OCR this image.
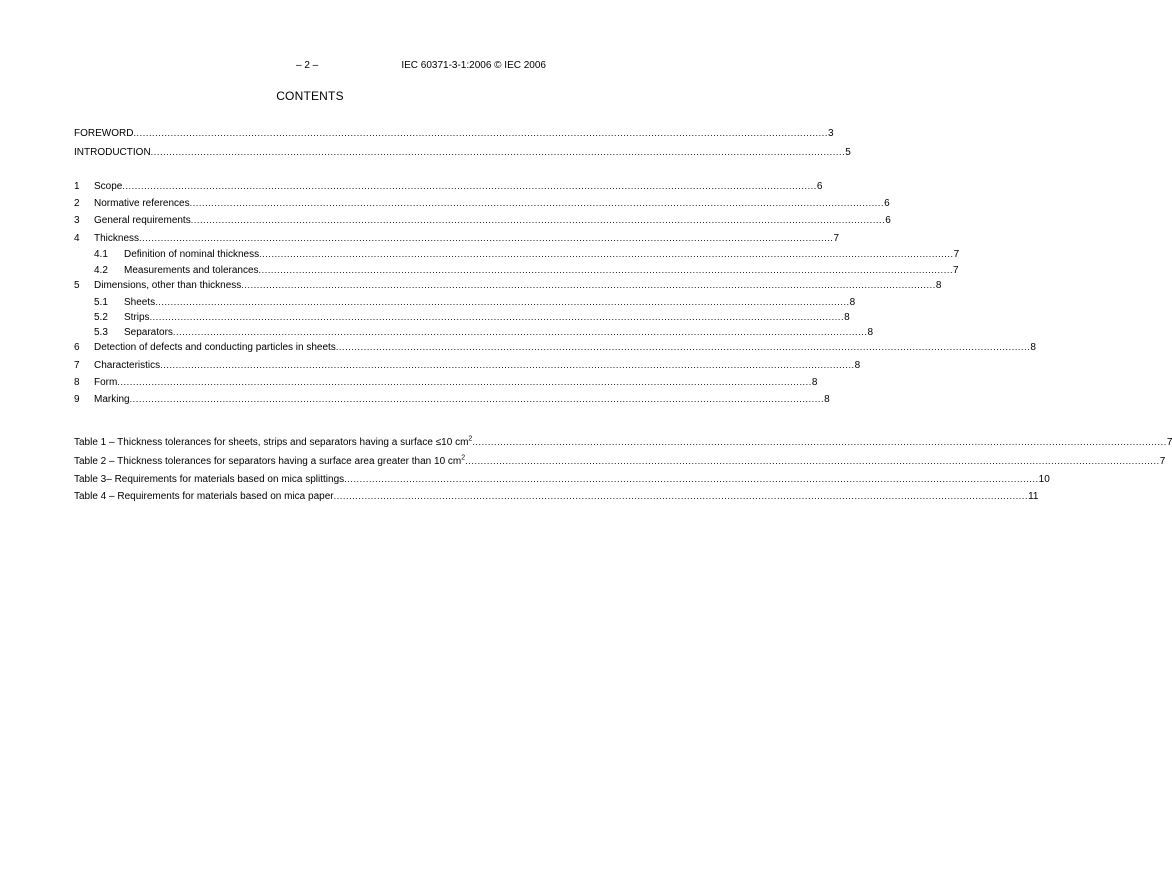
– 2 –	IEC 60371-3-1:2006 © IEC 2006
CONTENTS
FOREWORD ................................................................................................................................................................................................................................ 3
INTRODUCTION ................................................................................................................................................................................................................................ 5
1	Scope ................................................................................................................................................................................................................................ 6
2	Normative references ................................................................................................................................................................................................................................ 6
3	General requirements ................................................................................................................................................................................................................................ 6
4	Thickness ................................................................................................................................................................................................................................ 7
4.1	Definition of nominal thickness ................................................................................................................................................................................................................................ 7
4.2	Measurements and tolerances ................................................................................................................................................................................................................................ 7
5	Dimensions, other than thickness ................................................................................................................................................................................................................................ 8
5.1	Sheets ................................................................................................................................................................................................................................ 8
5.2	Strips ................................................................................................................................................................................................................................ 8
5.3	Separators ................................................................................................................................................................................................................................ 8
6	Detection of defects and conducting particles in sheets ................................................................................................................................................................................................................................ 8
7	Characteristics ................................................................................................................................................................................................................................ 8
8	Form ................................................................................................................................................................................................................................ 8
9	Marking ................................................................................................................................................................................................................................ 8
Table 1 – Thickness tolerances for sheets, strips and separators having a surface ≤10 $cm^2$ ................................................................................................................................................................................................................................ 7
Table 2 – Thickness tolerances for separators having a surface area greater than 10 $cm^2$ ................................................................................................................................................................................................................................ 7
Table 3– Requirements for materials based on mica splittings ................................................................................................................................................................................................................................ 10
Table 4 – Requirements for materials based on mica paper ................................................................................................................................................................................................................................ 11
